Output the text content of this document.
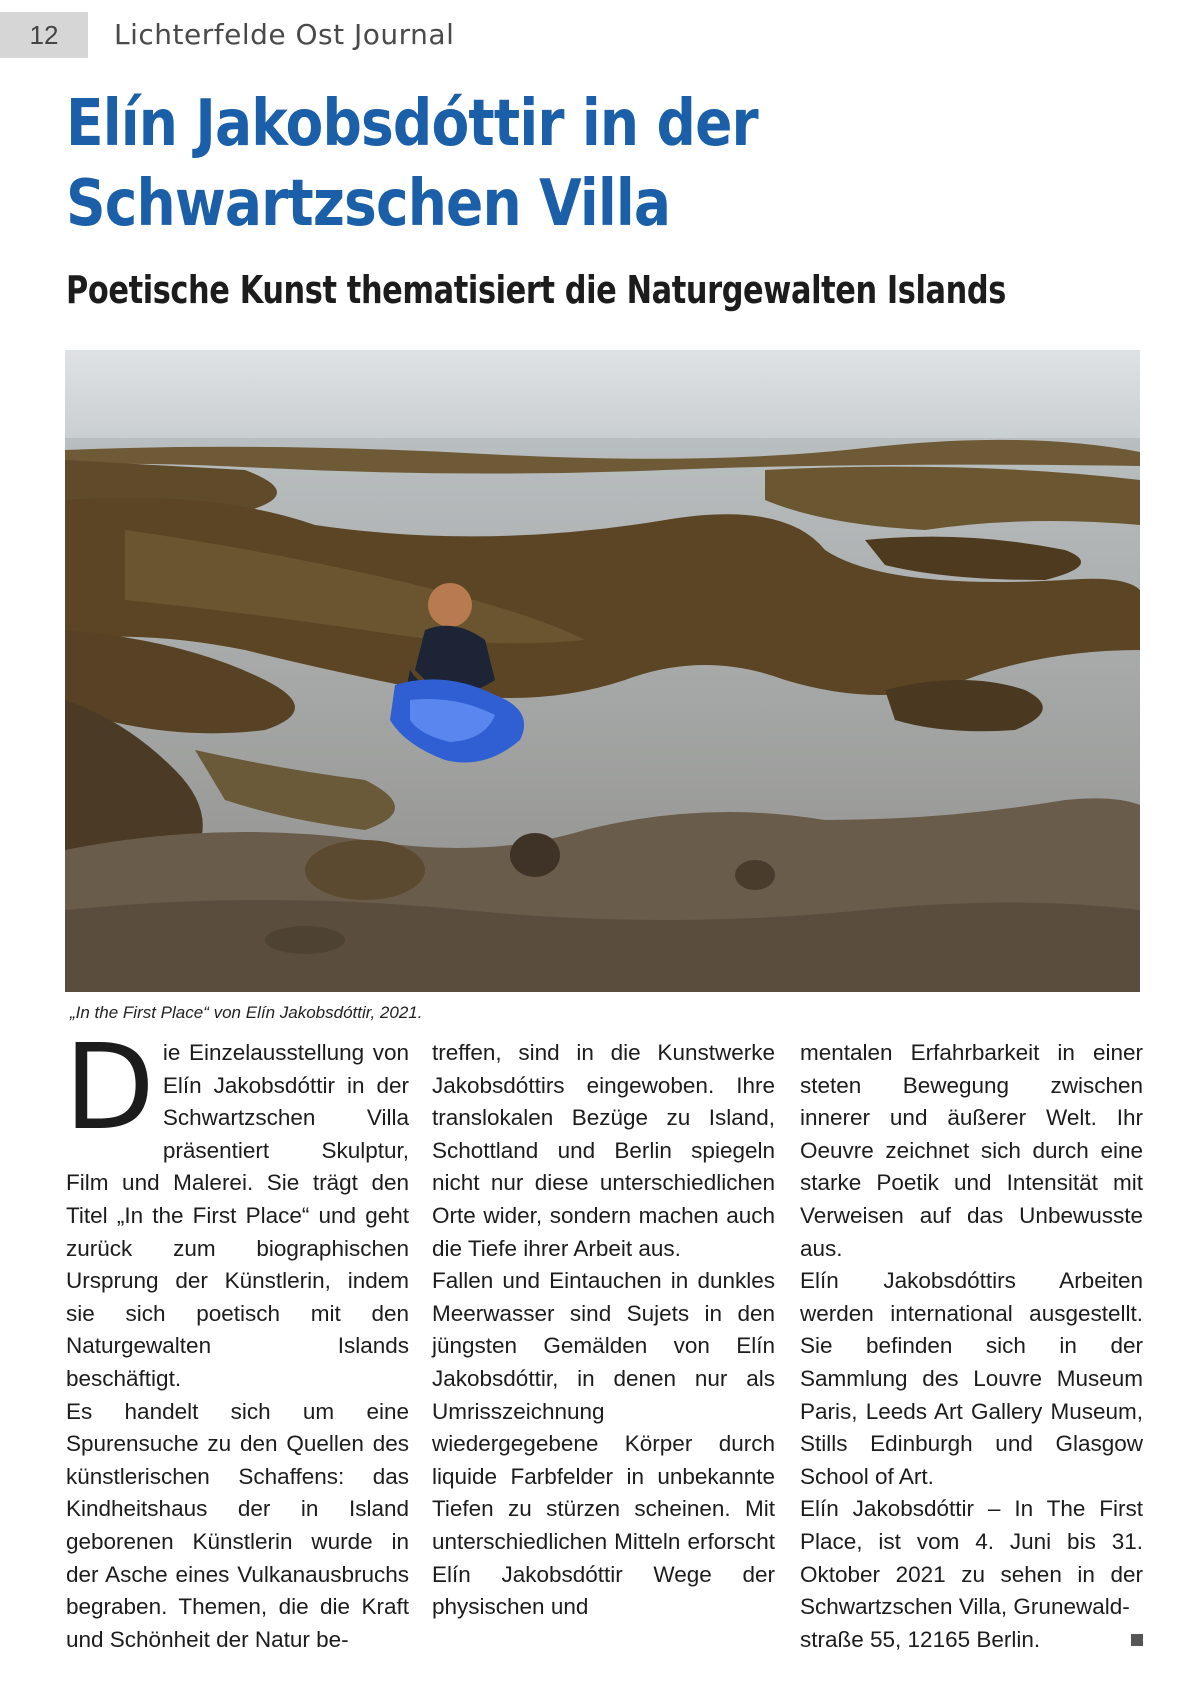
12	Lichterfelde Ost Journal
Elín Jakobsdóttir in der
Schwartzschen Villa
Poetische Kunst thematisiert die Naturgewalten Islands
„In the First Place“ von Elín Jakobsdóttir, 2021.

Die Einzelausstellung von Elín Jakobsdóttir in der Schwartzschen Villa präsentiert Skulptur, Film und Malerei. Sie trägt den Titel „In the First Place“ und geht zurück zum biographischen Ursprung der Künstlerin, indem sie sich poetisch mit den Naturgewalten Islands beschäftigt.

Es handelt sich um eine Spurensuche zu den Quellen des künstlerischen Schaffens: das Kindheitshaus der in Island geborenen Künstlerin wurde in der Asche eines Vulkanausbruchs begraben. Themen, die die Kraft und Schönheit der Natur be-

treffen, sind in die Kunstwerke Jakobsdóttirs eingewoben. Ihre translokalen Bezüge zu Island, Schottland und Berlin spiegeln nicht nur diese unterschiedlichen Orte wider, sondern machen auch die Tiefe ihrer Arbeit aus.

Fallen und Eintauchen in dunkles Meerwasser sind Sujets in den jüngsten Gemälden von Elín Jakobsdóttir, in denen nur als Umrisszeichnung wiedergegebene Körper durch liquide Farbfelder in unbekannte Tiefen zu stürzen scheinen. Mit unterschiedlichen Mitteln erforscht Elín Jakobsdóttir Wege der physischen und

mentalen Erfahrbarkeit in einer steten Bewegung zwischen innerer und äußerer Welt. Ihr Oeuvre zeichnet sich durch eine starke Poetik und Intensität mit Verweisen auf das Unbewusste aus.

Elín Jakobsdóttirs Arbeiten werden international ausgestellt. Sie befinden sich in der Sammlung des Louvre Museum Paris, Leeds Art Gallery Museum, Stills Edinburgh und Glasgow School of Art.

Elín Jakobsdóttir – In The First Place, ist vom 4. Juni bis 31. Oktober 2021 zu sehen in der Schwartzschen Villa, Grunewald-

straße 55, 12165 Berlin.
